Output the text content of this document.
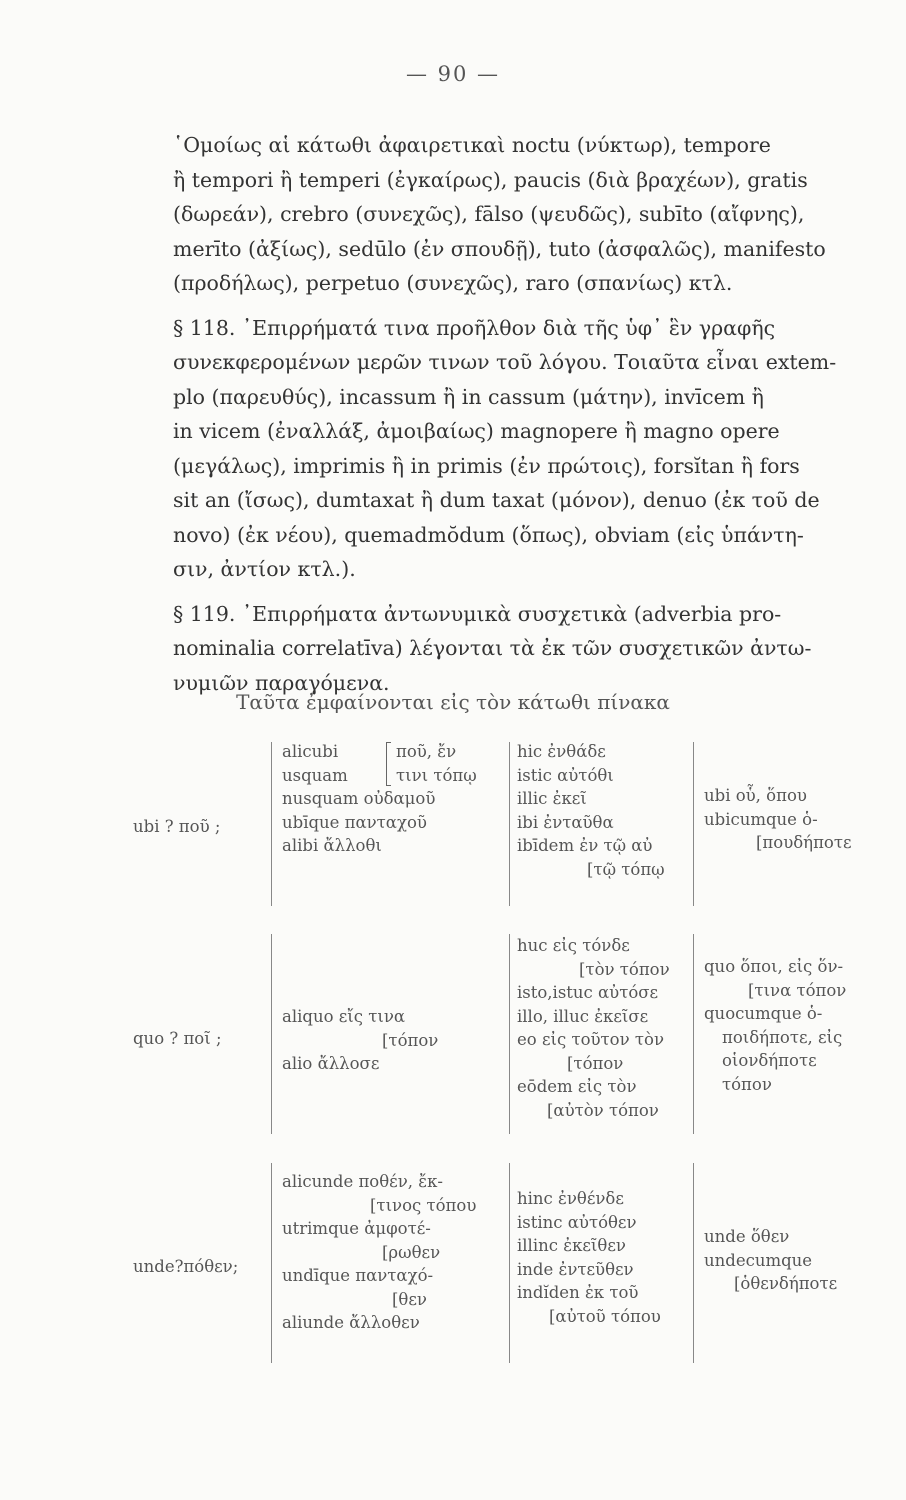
— 90 —

῾Ομοίως αἱ κάτωθι ἀφαιρετικαὶ noctu (νύκτωρ), tempore
ἢ tempori ἢ temperi (ἐγκαίρως), paucis (διὰ βραχέων), gratis
(δωρεάν), crebro (συνεχῶς), fālso (ψευδῶς), subīto (αἴφνης),
merīto (ἀξίως), sedūlo (ἐν σπουδῇ), tuto (ἀσφαλῶς), manifesto
(προδήλως), perpetuo (συνεχῶς), raro (σπανίως) κτλ.

§ 118. ᾿Επιρρήματά τινα προῆλθον διὰ τῆς ὑφ᾿ ἓν γραφῆς
συνεκφερομένων μερῶν τινων τοῦ λόγου. Τοιαῦτα εἶναι extem-
plo (παρευθύς), incassum ἢ in cassum (μάτην), invīcem ἢ
in vicem (ἐναλλάξ, ἀμοιβαίως) magnopere ἢ magno opere
(μεγάλως), imprimis ἢ in primis (ἐν πρώτοις), forsĭtan ἢ fors
sit an (ἴσως), dumtaxat ἢ dum taxat (μόνον), denuo (ἐκ τοῦ de
novo) (ἐκ νέου), quemadmŏdum (ὅπως), obviam (εἰς ὑπάντη-
σιν, ἀντίον κτλ.).

§ 119. ᾿Επιρρήματα ἀντωνυμικὰ συσχετικὰ (adverbia pro-
nominalia correlatīva) λέγονται τὰ ἐκ τῶν συσχετικῶν ἀντω-
νυμιῶν παραγόμενα.

Ταῦτα ἐμφαίνονται εἰς τὸν κάτωθι πίνακα
ubi ? ποῦ ;
alicubi
usquam
nusquam οὐδαμοῦ
ubīque πανταχοῦ
alibi ἄλλοθι
ποῦ, ἔν
τινι τόπῳ
hic ἐνθάδε
istic αὐτόθι
illic ἐκεῖ
ibi ἐνταῦθα
ibīdem ἐν τῷ αὐ
[τῷ τόπῳ
ubi οὗ, ὅπου
ubicumque ὁ-
[πουδήποτε
quo ? ποῖ ;
aliquo εἴς τινα
[τόπον
alio ἄλλοσε
huc εἰς τόνδε
[τὸν τόπον
isto,istuc αὐτόσε
illo, illuc ἐκεῖσε
eo εἰς τοῦτον τὸν
[τόπον
eōdem εἰς τὸν
[αὐτὸν τόπον
quo ὅποι, εἰς ὅν-
[τινα τόπον
quocumque ὁ-
ποιδήποτε, εἰς
οἱονδήποτε
τόπον
unde?πόθεν;
alicunde ποθέν, ἔκ-
[τινος τόπου
utrimque ἀμφοτέ-
[ρωθεν
undīque πανταχό-
[θεν
aliunde ἄλλοθεν
hinc ἐνθένδε
istinc αὐτόθεν
illinc ἐκεῖθεν
inde ἐντεῦθεν
indĭden ἐκ τοῦ
[αὐτοῦ τόπου
unde ὅθεν
undecumque
[ὁθενδήποτε
